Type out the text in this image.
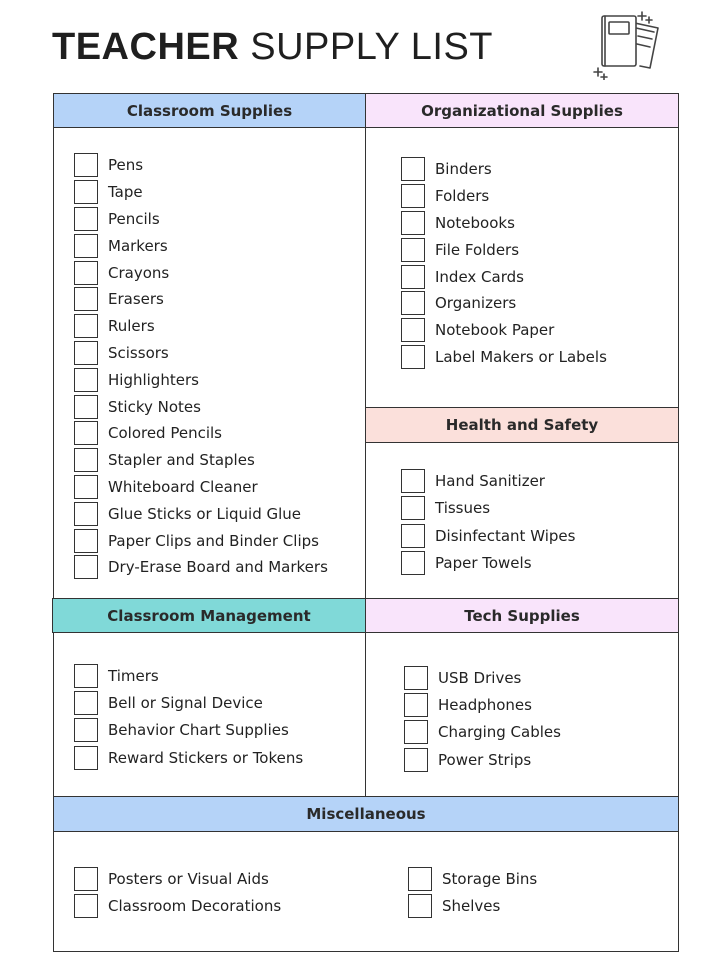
TEACHER SUPPLY LIST
Classroom Supplies
Pens
Tape
Pencils
Markers
Crayons
Erasers
Rulers
Scissors
Highlighters
Sticky Notes
Colored Pencils
Stapler and Staples
Whiteboard Cleaner
Glue Sticks or Liquid Glue
Paper Clips and Binder Clips
Dry-Erase Board and Markers
Organizational Supplies
Binders
Folders
Notebooks
File Folders
Index Cards
Organizers
Notebook Paper
Label Makers or Labels
Health and Safety
Hand Sanitizer
Tissues
Disinfectant Wipes
Paper Towels
Classroom Management
Timers
Bell or Signal Device
Behavior Chart Supplies
Reward Stickers or Tokens
Tech Supplies
USB Drives
Headphones
Charging Cables
Power Strips
Miscellaneous
Posters or Visual Aids
Classroom Decorations
Storage Bins
Shelves
